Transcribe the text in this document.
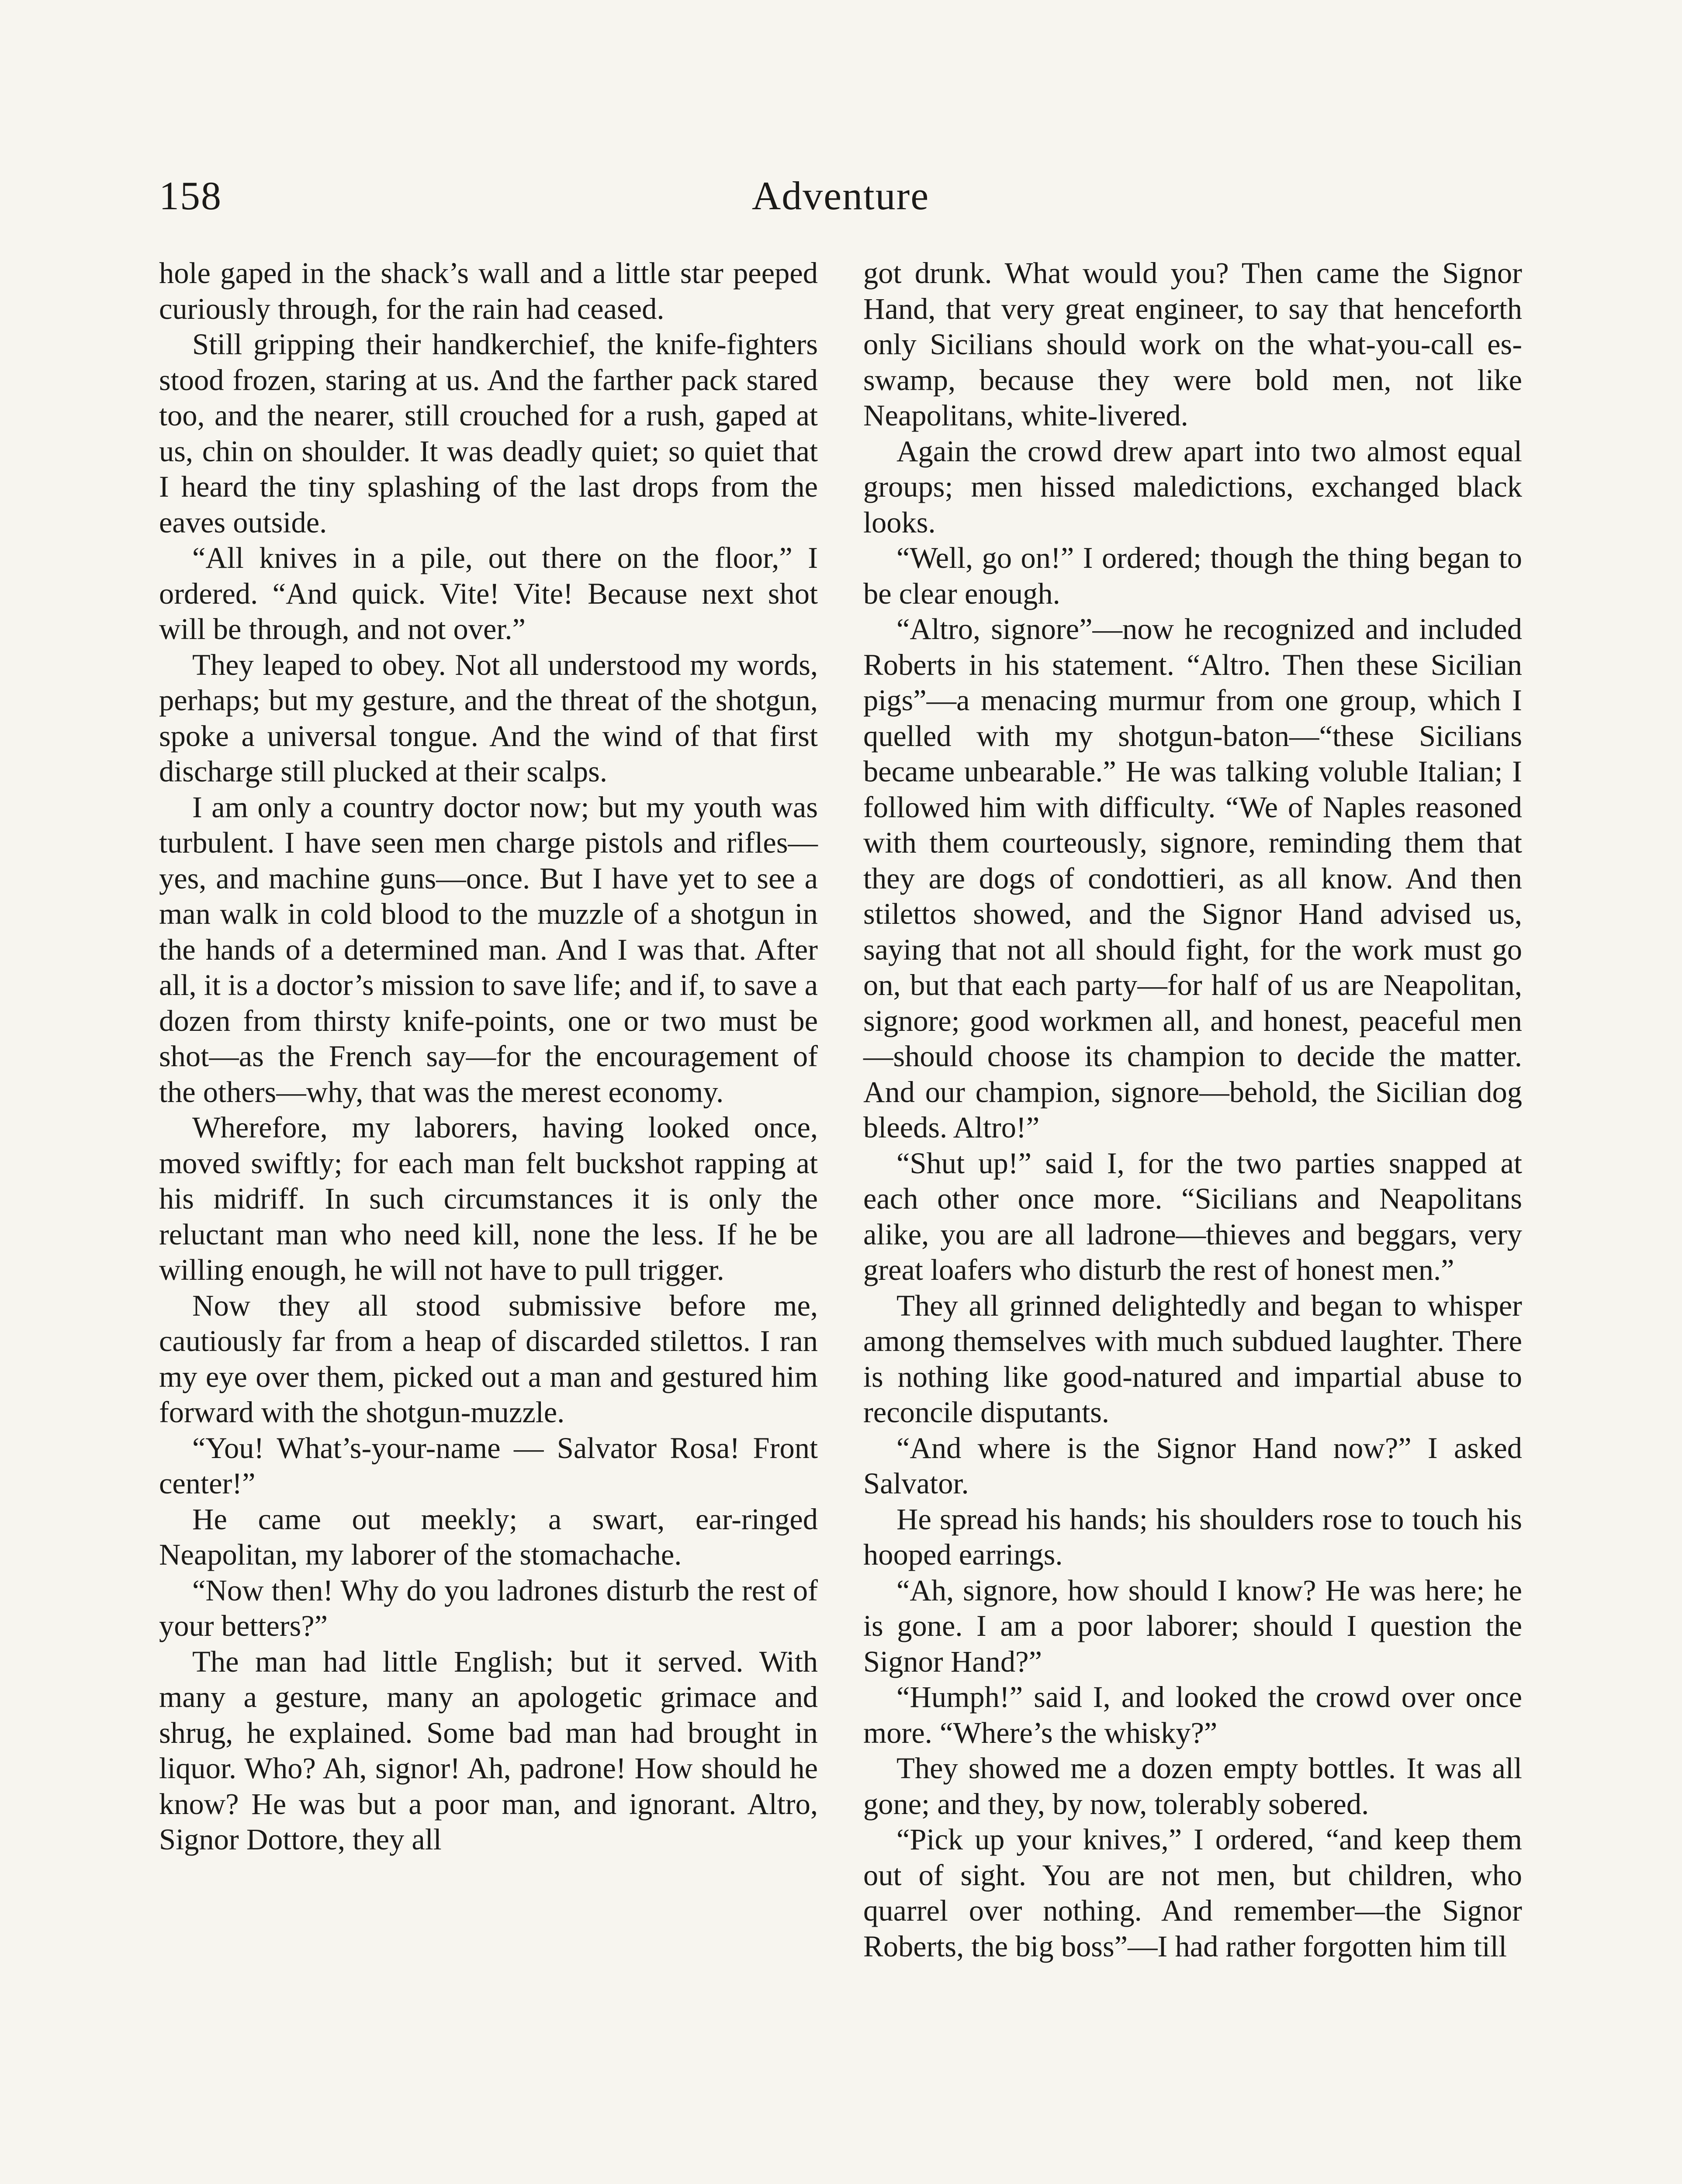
158	Adventure

hole gaped in the shack’s wall and a little star peeped curiously through, for the rain had ceased.

Still gripping their handkerchief, the knife-fighters stood frozen, staring at us. And the farther pack stared too, and the nearer, still crouched for a rush, gaped at us, chin on shoulder. It was deadly quiet; so quiet that I heard the tiny splashing of the last drops from the eaves outside.

“All knives in a pile, out there on the floor,” I ordered. “And quick. Vite! Vite! Because next shot will be through, and not over.”

They leaped to obey. Not all understood my words, perhaps; but my gesture, and the threat of the shotgun, spoke a universal tongue. And the wind of that first discharge still plucked at their scalps.

I am only a country doctor now; but my youth was turbulent. I have seen men charge pistols and rifles—yes, and machine guns—once. But I have yet to see a man walk in cold blood to the muzzle of a shotgun in the hands of a determined man. And I was that. After all, it is a doctor’s mission to save life; and if, to save a dozen from thirsty knife-points, one or two must be shot—as the French say—for the encouragement of the others—why, that was the merest economy.

Wherefore, my laborers, having looked once, moved swiftly; for each man felt buckshot rapping at his midriff. In such circumstances it is only the reluctant man who need kill, none the less. If he be willing enough, he will not have to pull trigger.

Now they all stood submissive before me, cautiously far from a heap of discarded stilettos. I ran my eye over them, picked out a man and gestured him forward with the shotgun-muzzle.

“You! What’s-your-name — Salvator Rosa! Front center!”

He came out meekly; a swart, ear-ringed Neapolitan, my laborer of the stomachache.

“Now then! Why do you ladrones disturb the rest of your betters?”

The man had little English; but it served. With many a gesture, many an apologetic grimace and shrug, he explained. Some bad man had brought in liquor. Who? Ah, signor! Ah, padrone! How should he know? He was but a poor man, and ignorant. Altro, Signor Dottore, they all

got drunk. What would you? Then came the Signor Hand, that very great engineer, to say that henceforth only Sicilians should work on the what-you-call es-swamp, because they were bold men, not like Neapolitans, white-livered.

Again the crowd drew apart into two almost equal groups; men hissed maledictions, exchanged black looks.

“Well, go on!” I ordered; though the thing began to be clear enough.

“Altro, signore”—now he recognized and included Roberts in his statement. “Altro. Then these Sicilian pigs”—a menacing murmur from one group, which I quelled with my shotgun-baton—“these Sicilians became unbearable.” He was talking voluble Italian; I followed him with difficulty. “We of Naples reasoned with them courteously, signore, reminding them that they are dogs of condottieri, as all know. And then stilettos showed, and the Signor Hand advised us, saying that not all should fight, for the work must go on, but that each party—for half of us are Neapolitan, signore; good workmen all, and honest, peaceful men—should choose its champion to decide the matter. And our champion, signore—behold, the Sicilian dog bleeds. Altro!”

“Shut up!” said I, for the two parties snapped at each other once more. “Sicilians and Neapolitans alike, you are all ladrone—thieves and beggars, very great loafers who disturb the rest of honest men.”

They all grinned delightedly and began to whisper among themselves with much subdued laughter. There is nothing like good-natured and impartial abuse to reconcile disputants.

“And where is the Signor Hand now?” I asked Salvator.

He spread his hands; his shoulders rose to touch his hooped earrings.

“Ah, signore, how should I know? He was here; he is gone. I am a poor laborer; should I question the Signor Hand?”

“Humph!” said I, and looked the crowd over once more. “Where’s the whisky?”

They showed me a dozen empty bottles. It was all gone; and they, by now, tolerably sobered.

“Pick up your knives,” I ordered, “and keep them out of sight. You are not men, but children, who quarrel over nothing. And remember—the Signor Roberts, the big boss”—I had rather forgotten him till
